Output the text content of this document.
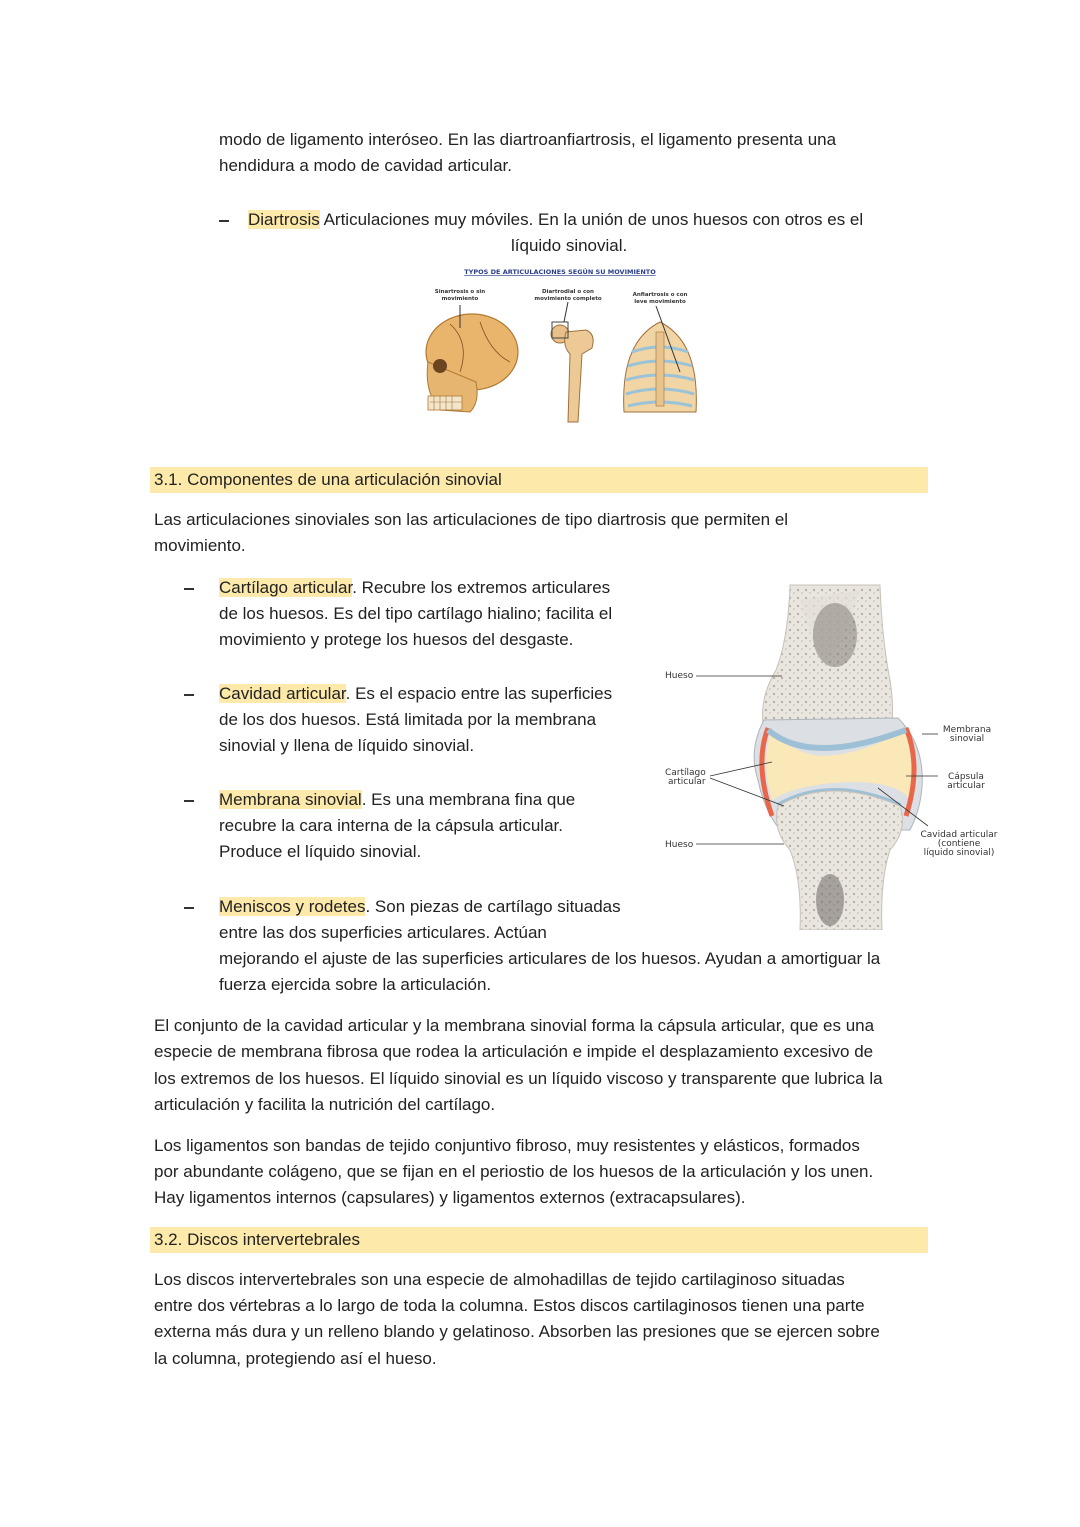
modo de ligamento interóseo. En las diartroanfiartrosis, el ligamento presenta una

hendidura a modo de cavidad articular.

Diartrosis Articulaciones muy móviles. En la unión de unos huesos con otros es el

líquido sinovial.

TYPOS DE ARTICULACIONES SEGÚN SU MOVIMIENTO
Sinartrosis o sin
movimiento
Diartrodial o con
movimiento completo
Anfiartrosis o con
leve movimiento
3.1. Componentes de una articulación sinovial

Las articulaciones sinoviales son las articulaciones de tipo diartrosis que permiten el

movimiento.

Cartílago articular. Recubre los extremos articulares

de los huesos. Es del tipo cartílago hialino; facilita el

movimiento y protege los huesos del desgaste.

Cavidad articular. Es el espacio entre las superficies

de los dos huesos. Está limitada por la membrana

sinovial y llena de líquido sinovial.

Membrana sinovial. Es una membrana fina que

recubre la cara interna de la cápsula articular.

Produce el líquido sinovial.

Meniscos y rodetes. Son piezas de cartílago situadas

entre las dos superficies articulares. Actúan

mejorando el ajuste de las superficies articulares de los huesos. Ayudan a amortiguar la

fuerza ejercida sobre la articulación.

Hueso
Cartílago
articular
Hueso
Membrana
sinovial
Cápsula
articular
Cavidad articular
(contiene
líquido sinovial)

El conjunto de la cavidad articular y la membrana sinovial forma la cápsula articular, que es una

especie de membrana fibrosa que rodea la articulación e impide el desplazamiento excesivo de

los extremos de los huesos. El líquido sinovial es un líquido viscoso y transparente que lubrica la

articulación y facilita la nutrición del cartílago.

Los ligamentos son bandas de tejido conjuntivo fibroso, muy resistentes y elásticos, formados

por abundante colágeno, que se fijan en el periostio de los huesos de la articulación y los unen.

Hay ligamentos internos (capsulares) y ligamentos externos (extracapsulares).

3.2. Discos intervertebrales

Los discos intervertebrales son una especie de almohadillas de tejido cartilaginoso situadas

entre dos vértebras a lo largo de toda la columna. Estos discos cartilaginosos tienen una parte

externa más dura y un relleno blando y gelatinoso. Absorben las presiones que se ejercen sobre

la columna, protegiendo así el hueso.
